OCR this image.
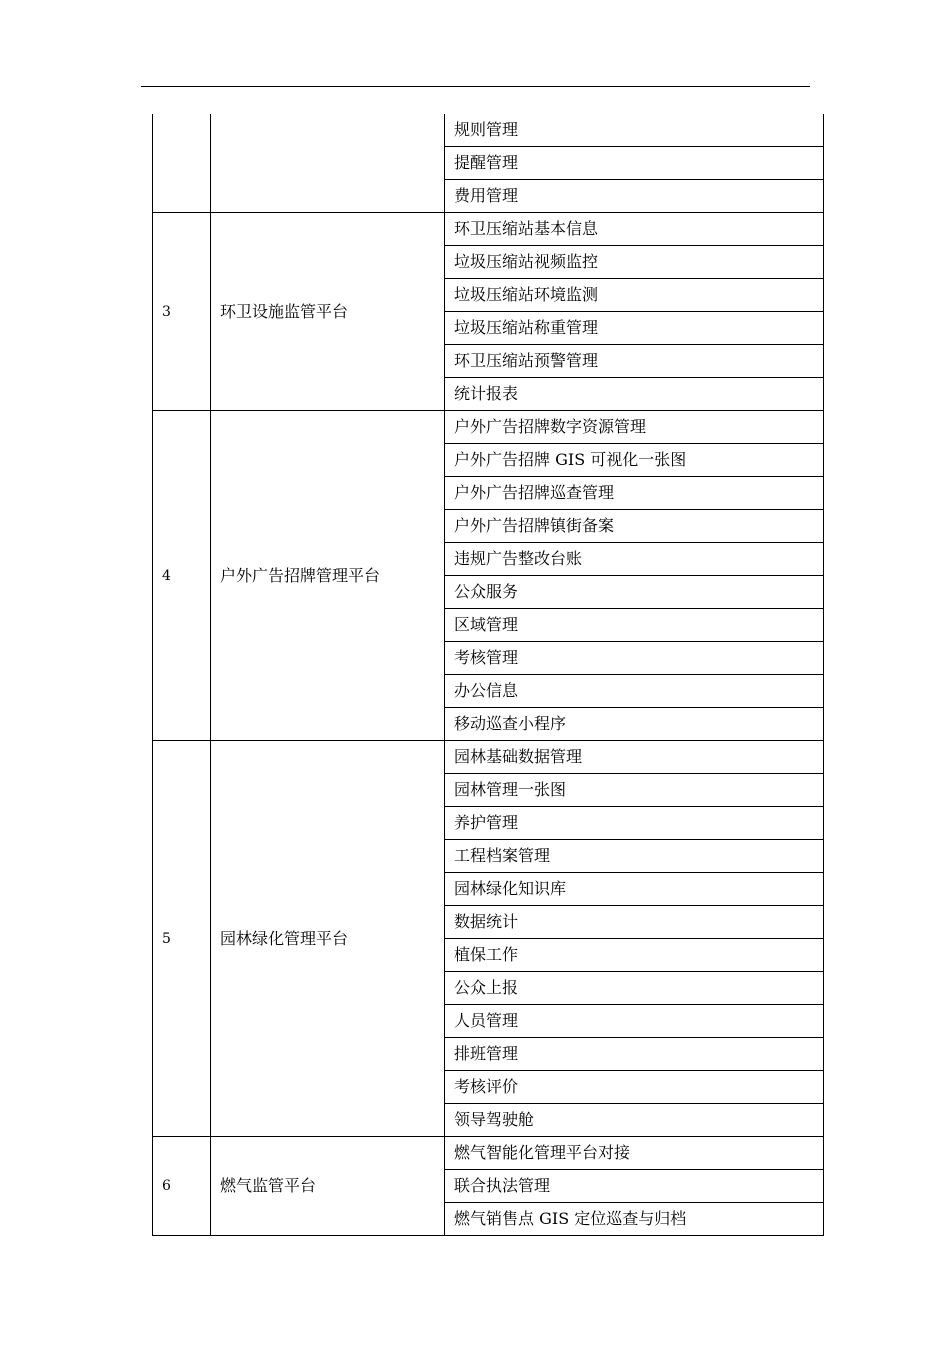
		规则管理
		提醒管理
		费用管理
3	环卫设施监管平台	环卫压缩站基本信息
		垃圾压缩站视频监控
		垃圾压缩站环境监测
		垃圾压缩站称重管理
		环卫压缩站预警管理
		统计报表
4	户外广告招牌管理平台	户外广告招牌数字资源管理
		户外广告招牌 GIS 可视化一张图
		户外广告招牌巡查管理
		户外广告招牌镇街备案
		违规广告整改台账
		公众服务
		区域管理
		考核管理
		办公信息
		移动巡查小程序
5	园林绿化管理平台	园林基础数据管理
		园林管理一张图
		养护管理
		工程档案管理
		园林绿化知识库
		数据统计
		植保工作
		公众上报
		人员管理
		排班管理
		考核评价
		领导驾驶舱
6	燃气监管平台	燃气智能化管理平台对接
		联合执法管理
		燃气销售点 GIS 定位巡查与归档
